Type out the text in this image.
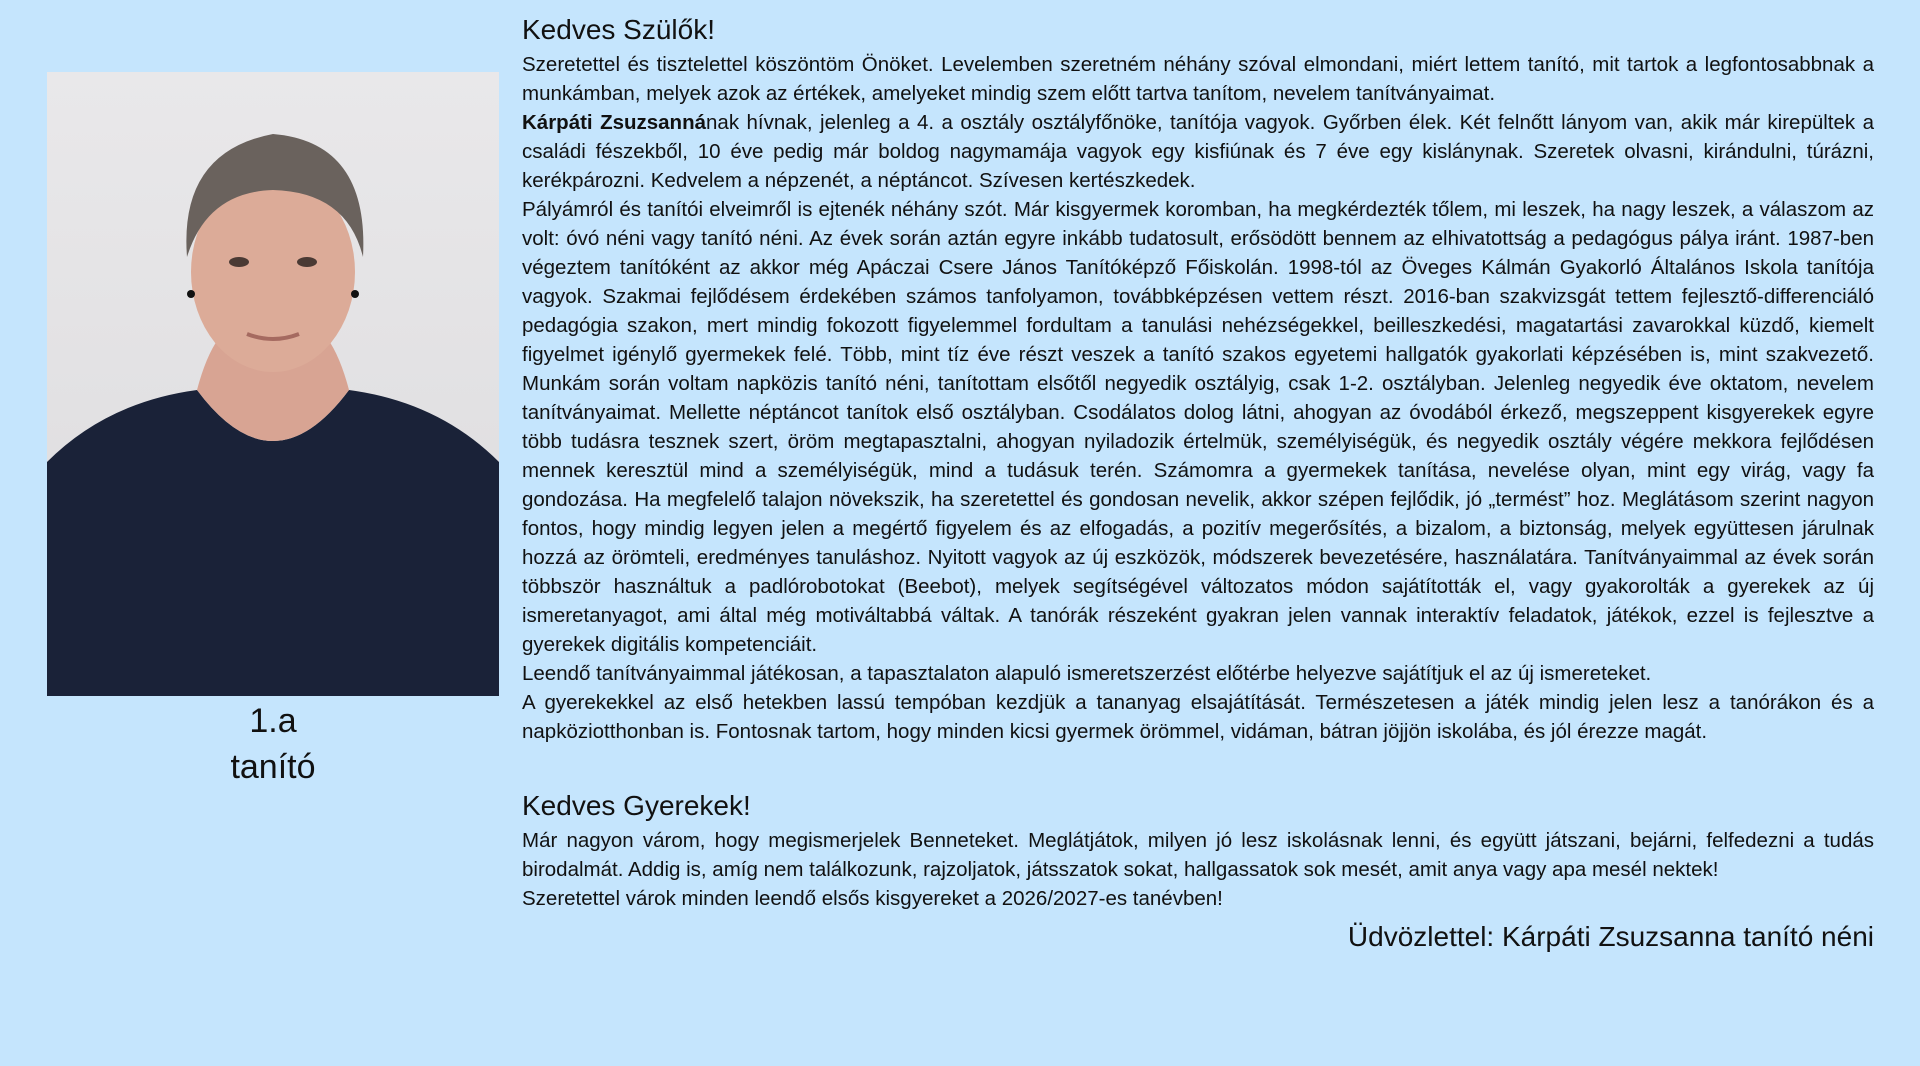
1.a
tanító
Kedves Szülők!

Szeretettel és tisztelettel köszöntöm Önöket. Levelemben szeretném néhány szóval elmondani, miért lettem tanító, mit tartok a legfontosabbnak a munkámban, melyek azok az értékek, amelyeket mindig szem előtt tartva tanítom, nevelem tanítványaimat.

Kárpáti Zsuzsannának hívnak, jelenleg a 4. a osztály osztályfőnöke, tanítója vagyok. Győrben élek. Két felnőtt lányom van, akik már kirepültek a családi fészekből, 10 éve pedig már boldog nagymamája vagyok egy kisfiúnak és 7 éve egy kislánynak. Szeretek olvasni, kirándulni, túrázni, kerékpározni. Kedvelem a népzenét, a néptáncot. Szívesen kertészkedek.

Pályámról és tanítói elveimről is ejtenék néhány szót. Már kisgyermek koromban, ha megkérdezték tőlem, mi leszek, ha nagy leszek, a válaszom az volt: óvó néni vagy tanító néni. Az évek során aztán egyre inkább tudatosult, erősödött bennem az elhivatottság a pedagógus pálya iránt. 1987-ben végeztem tanítóként az akkor még Apáczai Csere János Tanítóképző Főiskolán. 1998-tól az Öveges Kálmán Gyakorló Általános Iskola tanítója vagyok. Szakmai fejlődésem érdekében számos tanfolyamon, továbbképzésen vettem részt. 2016-ban szakvizsgát tettem fejlesztő-differenciáló pedagógia szakon, mert mindig fokozott figyelemmel fordultam a tanulási nehézségekkel, beilleszkedési, magatartási zavarokkal küzdő, kiemelt figyelmet igénylő gyermekek felé. Több, mint tíz éve részt veszek a tanító szakos egyetemi hallgatók gyakorlati képzésében is, mint szakvezető. Munkám során voltam napközis tanító néni, tanítottam elsőtől negyedik osztályig, csak 1-2. osztályban. Jelenleg negyedik éve oktatom, nevelem tanítványaimat. Mellette néptáncot tanítok első osztályban. Csodálatos dolog látni, ahogyan az óvodából érkező, megszeppent kisgyerekek egyre több tudásra tesznek szert, öröm megtapasztalni, ahogyan nyiladozik értelmük, személyiségük, és negyedik osztály végére mekkora fejlődésen mennek keresztül mind a személyiségük, mind a tudásuk terén. Számomra a gyermekek tanítása, nevelése olyan, mint egy virág, vagy fa gondozása. Ha megfelelő talajon növekszik, ha szeretettel és gondosan nevelik, akkor szépen fejlődik, jó „termést” hoz. Meglátásom szerint nagyon fontos, hogy mindig legyen jelen a megértő figyelem és az elfogadás, a pozitív megerősítés, a bizalom, a biztonság, melyek együttesen járulnak hozzá az örömteli, eredményes tanuláshoz. Nyitott vagyok az új eszközök, módszerek bevezetésére, használatára. Tanítványaimmal az évek során többször használtuk a padlórobotokat (Beebot), melyek segítségével változatos módon sajátították el, vagy gyakorolták a gyerekek az új ismeretanyagot, ami által még motiváltabbá váltak. A tanórák részeként gyakran jelen vannak interaktív feladatok, játékok, ezzel is fejlesztve a gyerekek digitális kompetenciáit.

Leendő tanítványaimmal játékosan, a tapasztalaton alapuló ismeretszerzést előtérbe helyezve sajátítjuk el az új ismereteket.

A gyerekekkel az első hetekben lassú tempóban kezdjük a tananyag elsajátítását. Természetesen a játék mindig jelen lesz a tanórákon és a napköziotthonban is. Fontosnak tartom, hogy minden kicsi gyermek örömmel, vidáman, bátran jöjjön iskolába, és jól érezze magát.

Kedves Gyerekek!

Már nagyon várom, hogy megismerjelek Benneteket. Meglátjátok, milyen jó lesz iskolásnak lenni, és együtt játszani, bejárni, felfedezni a tudás birodalmát. Addig is, amíg nem találkozunk, rajzoljatok, játsszatok sokat, hallgassatok sok mesét, amit anya vagy apa mesél nektek!

Szeretettel várok minden leendő elsős kisgyereket a 2026/2027-es tanévben!

Üdvözlettel: Kárpáti Zsuzsanna tanító néni
